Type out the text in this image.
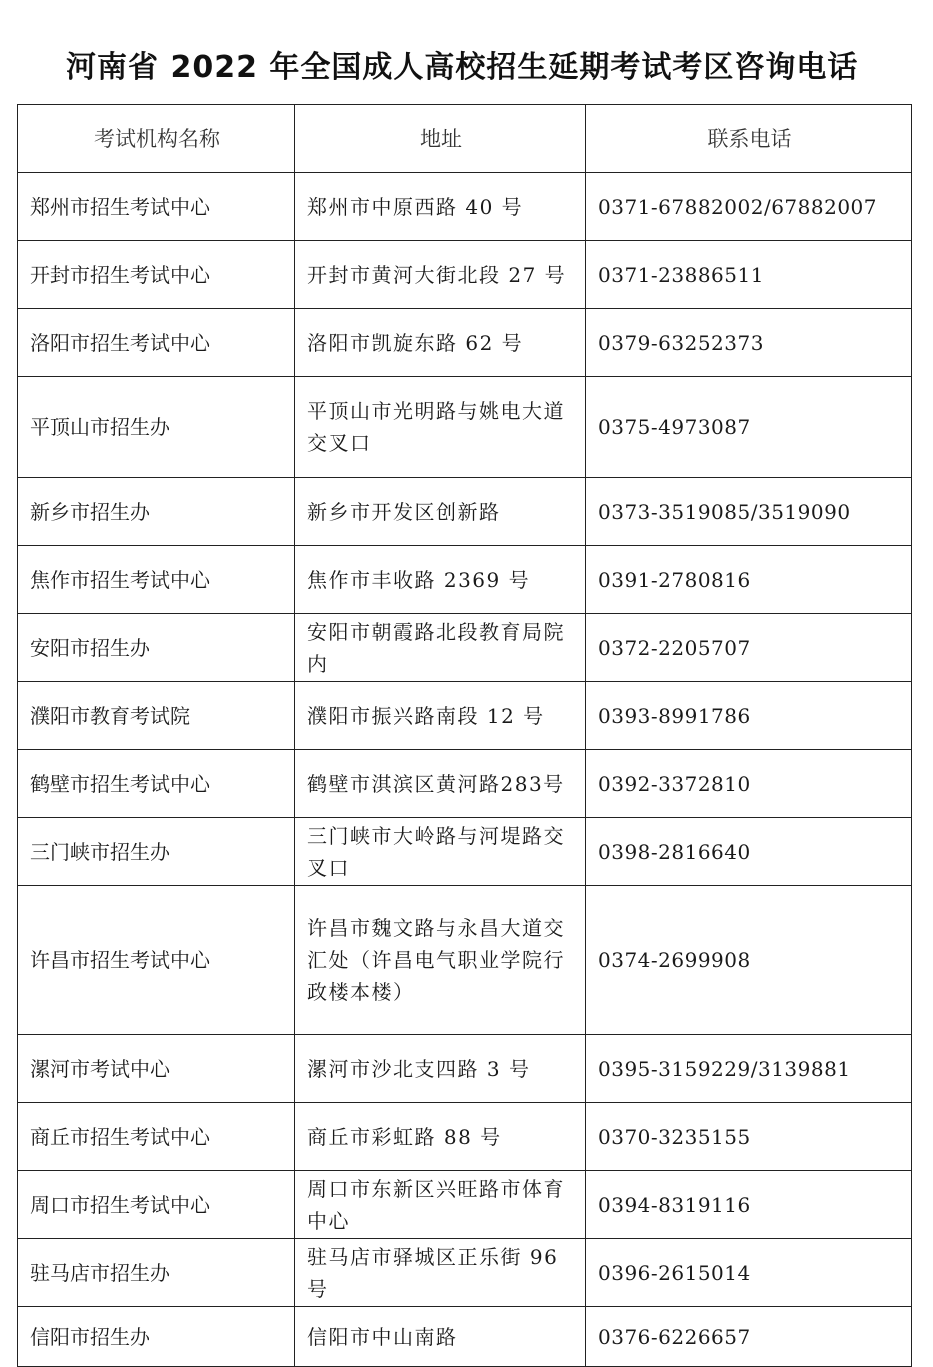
河南省 2022 年全国成人高校招生延期考试考区咨询电话
考试机构名称	地址	联系电话
郑州市招生考试中心	郑州市中原西路 40 号	0371-67882002/67882007
开封市招生考试中心	开封市黄河大街北段 27 号	0371-23886511
洛阳市招生考试中心	洛阳市凯旋东路 62 号	0379-63252373
平顶山市招生办	平顶山市光明路与姚电大道交叉口	0375-4973087
新乡市招生办	新乡市开发区创新路	0373-3519085/3519090
焦作市招生考试中心	焦作市丰收路 2369 号	0391-2780816
安阳市招生办	安阳市朝霞路北段教育局院内	0372-2205707
濮阳市教育考试院	濮阳市振兴路南段 12 号	0393-8991786
鹤壁市招生考试中心	鹤壁市淇滨区黄河路283号	0392-3372810
三门峡市招生办	三门峡市大岭路与河堤路交叉口	0398-2816640
许昌市招生考试中心	许昌市魏文路与永昌大道交汇处（许昌电气职业学院行政楼本楼）	0374-2699908
漯河市考试中心	漯河市沙北支四路 3 号	0395-3159229/3139881
商丘市招生考试中心	商丘市彩虹路 88 号	0370-3235155
周口市招生考试中心	周口市东新区兴旺路市体育中心	0394-8319116
驻马店市招生办	驻马店市驿城区正乐街 96 号	0396-2615014
信阳市招生办	信阳市中山南路	0376-6226657
